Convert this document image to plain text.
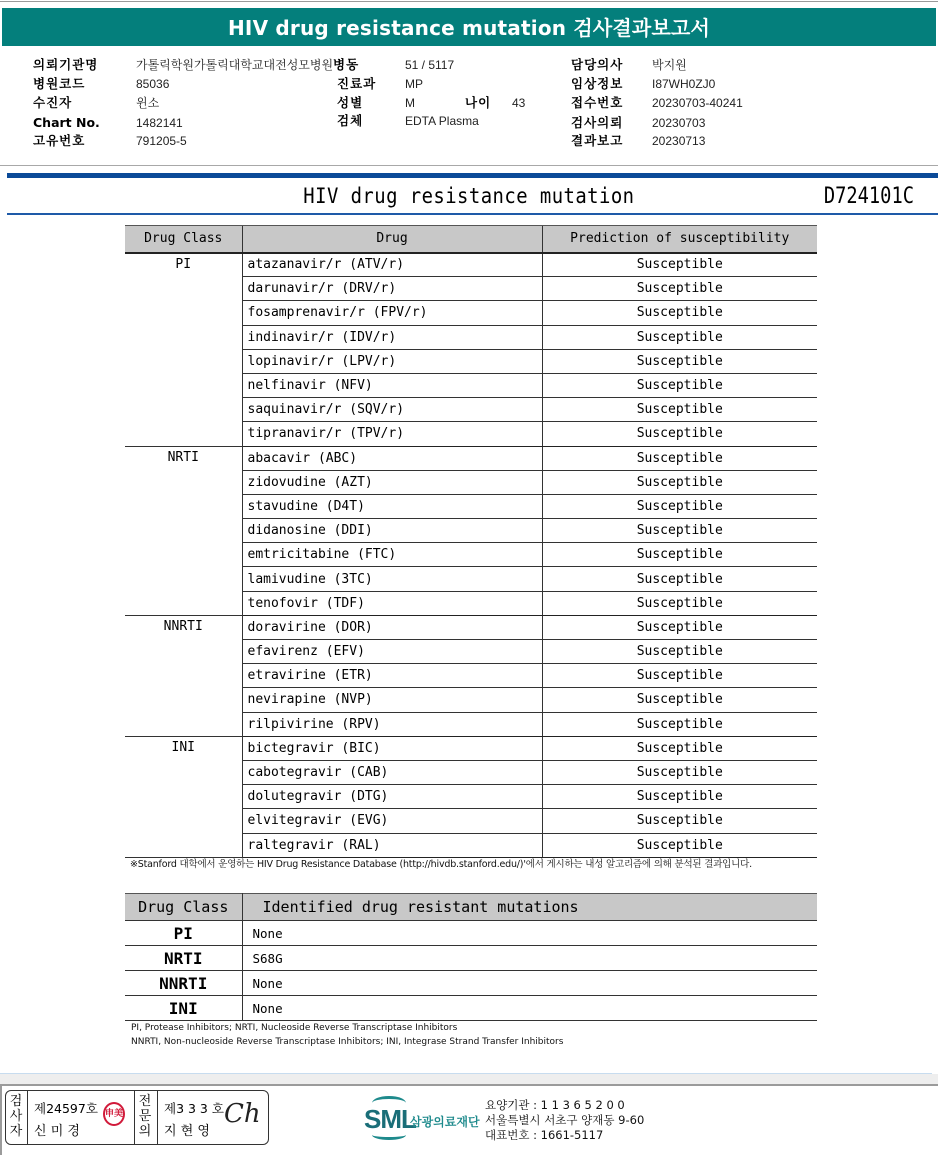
HIV drug resistance mutation 검사결과보고서
의뢰기관명	가톨릭학원가톨릭대학교대전성모병원
병원코드	85036
수진자	윈소
Chart No.	1482141
고유번호	791205-5
병동	51 / 5117
진료과 MP
성별	M	나이 43
검체	EDTA Plasma
담당의사 박지원
임상정보 I87WH0ZJ0
접수번호 20230703-40241
검사의뢰 20230703
결과보고 20230713
HIV drug resistance mutation	D724101C
Drug Class	Drug	Prediction of susceptibility
PI	atazanavir/r (ATV/r)	Susceptible
	darunavir/r (DRV/r)	Susceptible
	fosamprenavir/r (FPV/r)	Susceptible
	indinavir/r (IDV/r)	Susceptible
	lopinavir/r (LPV/r)	Susceptible
	nelfinavir (NFV)	Susceptible
	saquinavir/r (SQV/r)	Susceptible
	tipranavir/r (TPV/r)	Susceptible
NRTI	abacavir (ABC)	Susceptible
	zidovudine (AZT)	Susceptible
	stavudine (D4T)	Susceptible
	didanosine (DDI)	Susceptible
	emtricitabine (FTC)	Susceptible
	lamivudine (3TC)	Susceptible
	tenofovir (TDF)	Susceptible
NNRTI	doravirine (DOR)	Susceptible
	efavirenz (EFV)	Susceptible
	etravirine (ETR)	Susceptible
	nevirapine (NVP)	Susceptible
	rilpivirine (RPV)	Susceptible
INI	bictegravir (BIC)	Susceptible
	cabotegravir (CAB)	Susceptible
	dolutegravir (DTG)	Susceptible
	elvitegravir (EVG)	Susceptible
	raltegravir (RAL)	Susceptible
※Stanford 대학에서 운영하는 HIV Drug Resistance Database (http://hivdb.stanford.edu/)'에서 게시하는 내성 알고리즘에 의해 분석된 결과입니다.
Drug Class	Identified drug resistant mutations
PI	None
NRTI	S68G
NNRTI	None
INI	None
PI, Protease Inhibitors; NRTI, Nucleoside Reverse Transcriptase Inhibitors
NNRTI, Non-nucleoside Reverse Transcriptase Inhibitors; INI, Integrase Strand Transfer Inhibitors
검
사
자
제24597호
신 미 경
申美
전
문
의
제3 3 3 호
지 현 영
Ch	SML
삼광의료재단
요양기관 : 1 1 3 6 5 2 0 0
서울특별시 서초구 양재동 9-60
대표번호 : 1661-5117
